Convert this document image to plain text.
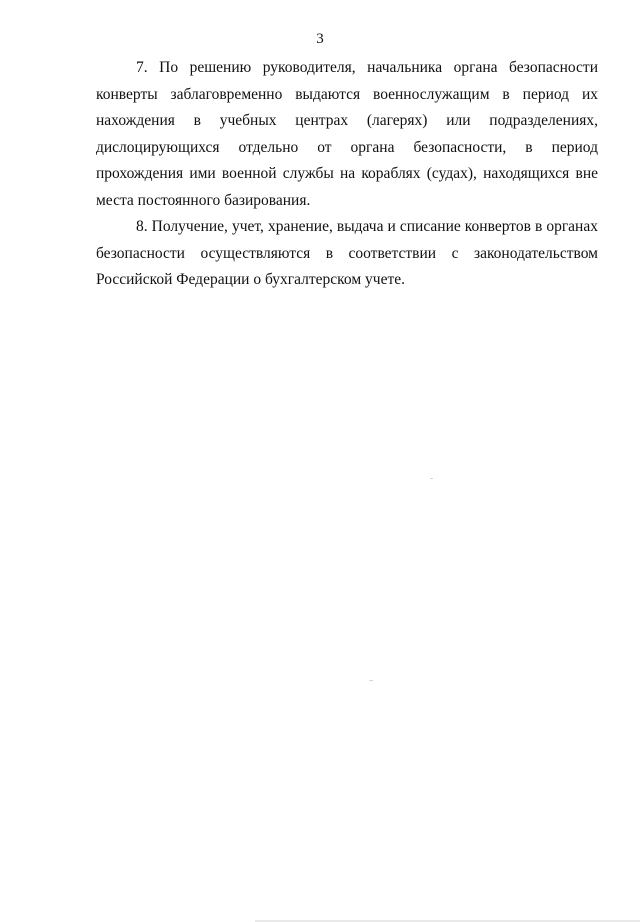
3

7. По решению руководителя, начальника органа безопасности конверты заблаговременно выдаются военнослужащим в период их нахождения в учебных центрах (лагерях) или подразделениях, дислоцирующихся отдельно от органа безопасности, в период прохождения ими военной службы на кораблях (судах), находящихся вне места постоянного базирования.

8. Получение, учет, хранение, выдача и списание конвертов в органах безопасности осуществляются в соответствии с законодательством Российской Федерации о бухгалтерском учете.
